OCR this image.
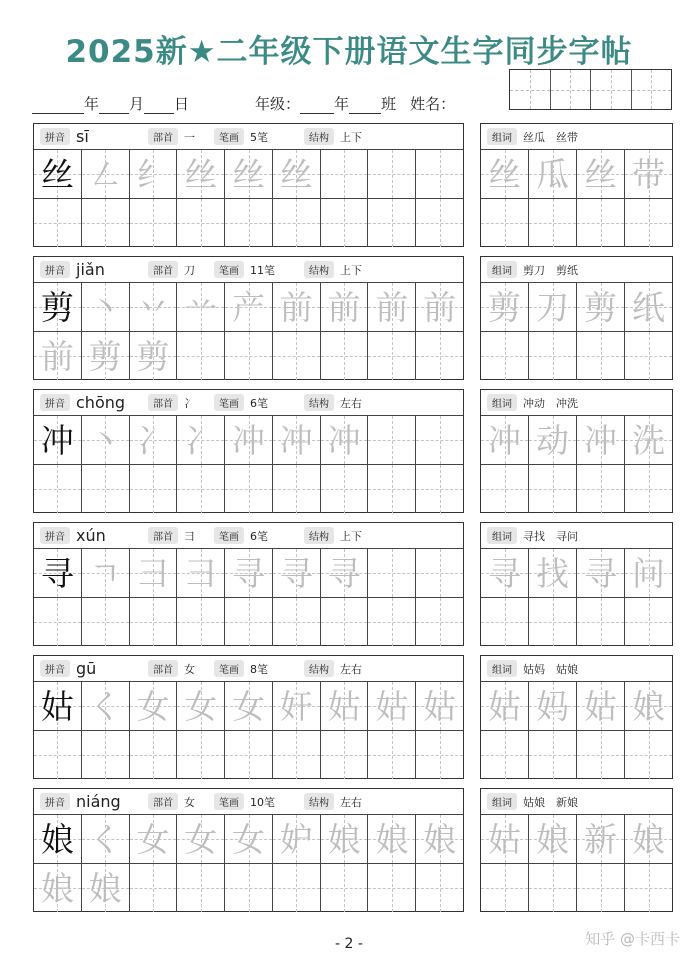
2025新★二年级下册语文生字同步字帖
年 月 日	年级： 年 班 姓名：
拼音 sī	部首	一	笔画	5笔	结构	上下
丝 ㇜ 纟 丝 丝 丝
组词	丝瓜　丝带
丝 瓜 丝 带
拼音 jiǎn	部首	刀	笔画	11笔	结构	上下
剪 丶 丷 䒑 产 前 前 前 前
前 剪 剪
组词	剪刀　剪纸
剪 刀 剪 纸
拼音 chōng	部首	冫	笔画	6笔	结构	左右
冲 丶 冫 冫 冲 冲 冲
组词	冲动　冲洗
冲 动 冲 洗
拼音 xún	部首	彐	笔画	6笔	结构	上下
寻 ㄱ 彐 彐 寻 寻 寻
组词	寻找　寻问
寻 找 寻 问
拼音 gū	部首	女	笔画	8笔	结构	左右
姑 く 女 女 女 奸 姑 姑 姑
组词	姑妈　姑娘
姑 妈 姑 娘
拼音 niáng	部首	女	笔画	10笔	结构	左右
娘 く 女 女 女 妒 娘 娘 娘
娘 娘
组词	姑娘　新娘
姑 娘 新 娘
- 2 -	知乎 @卡西卡
